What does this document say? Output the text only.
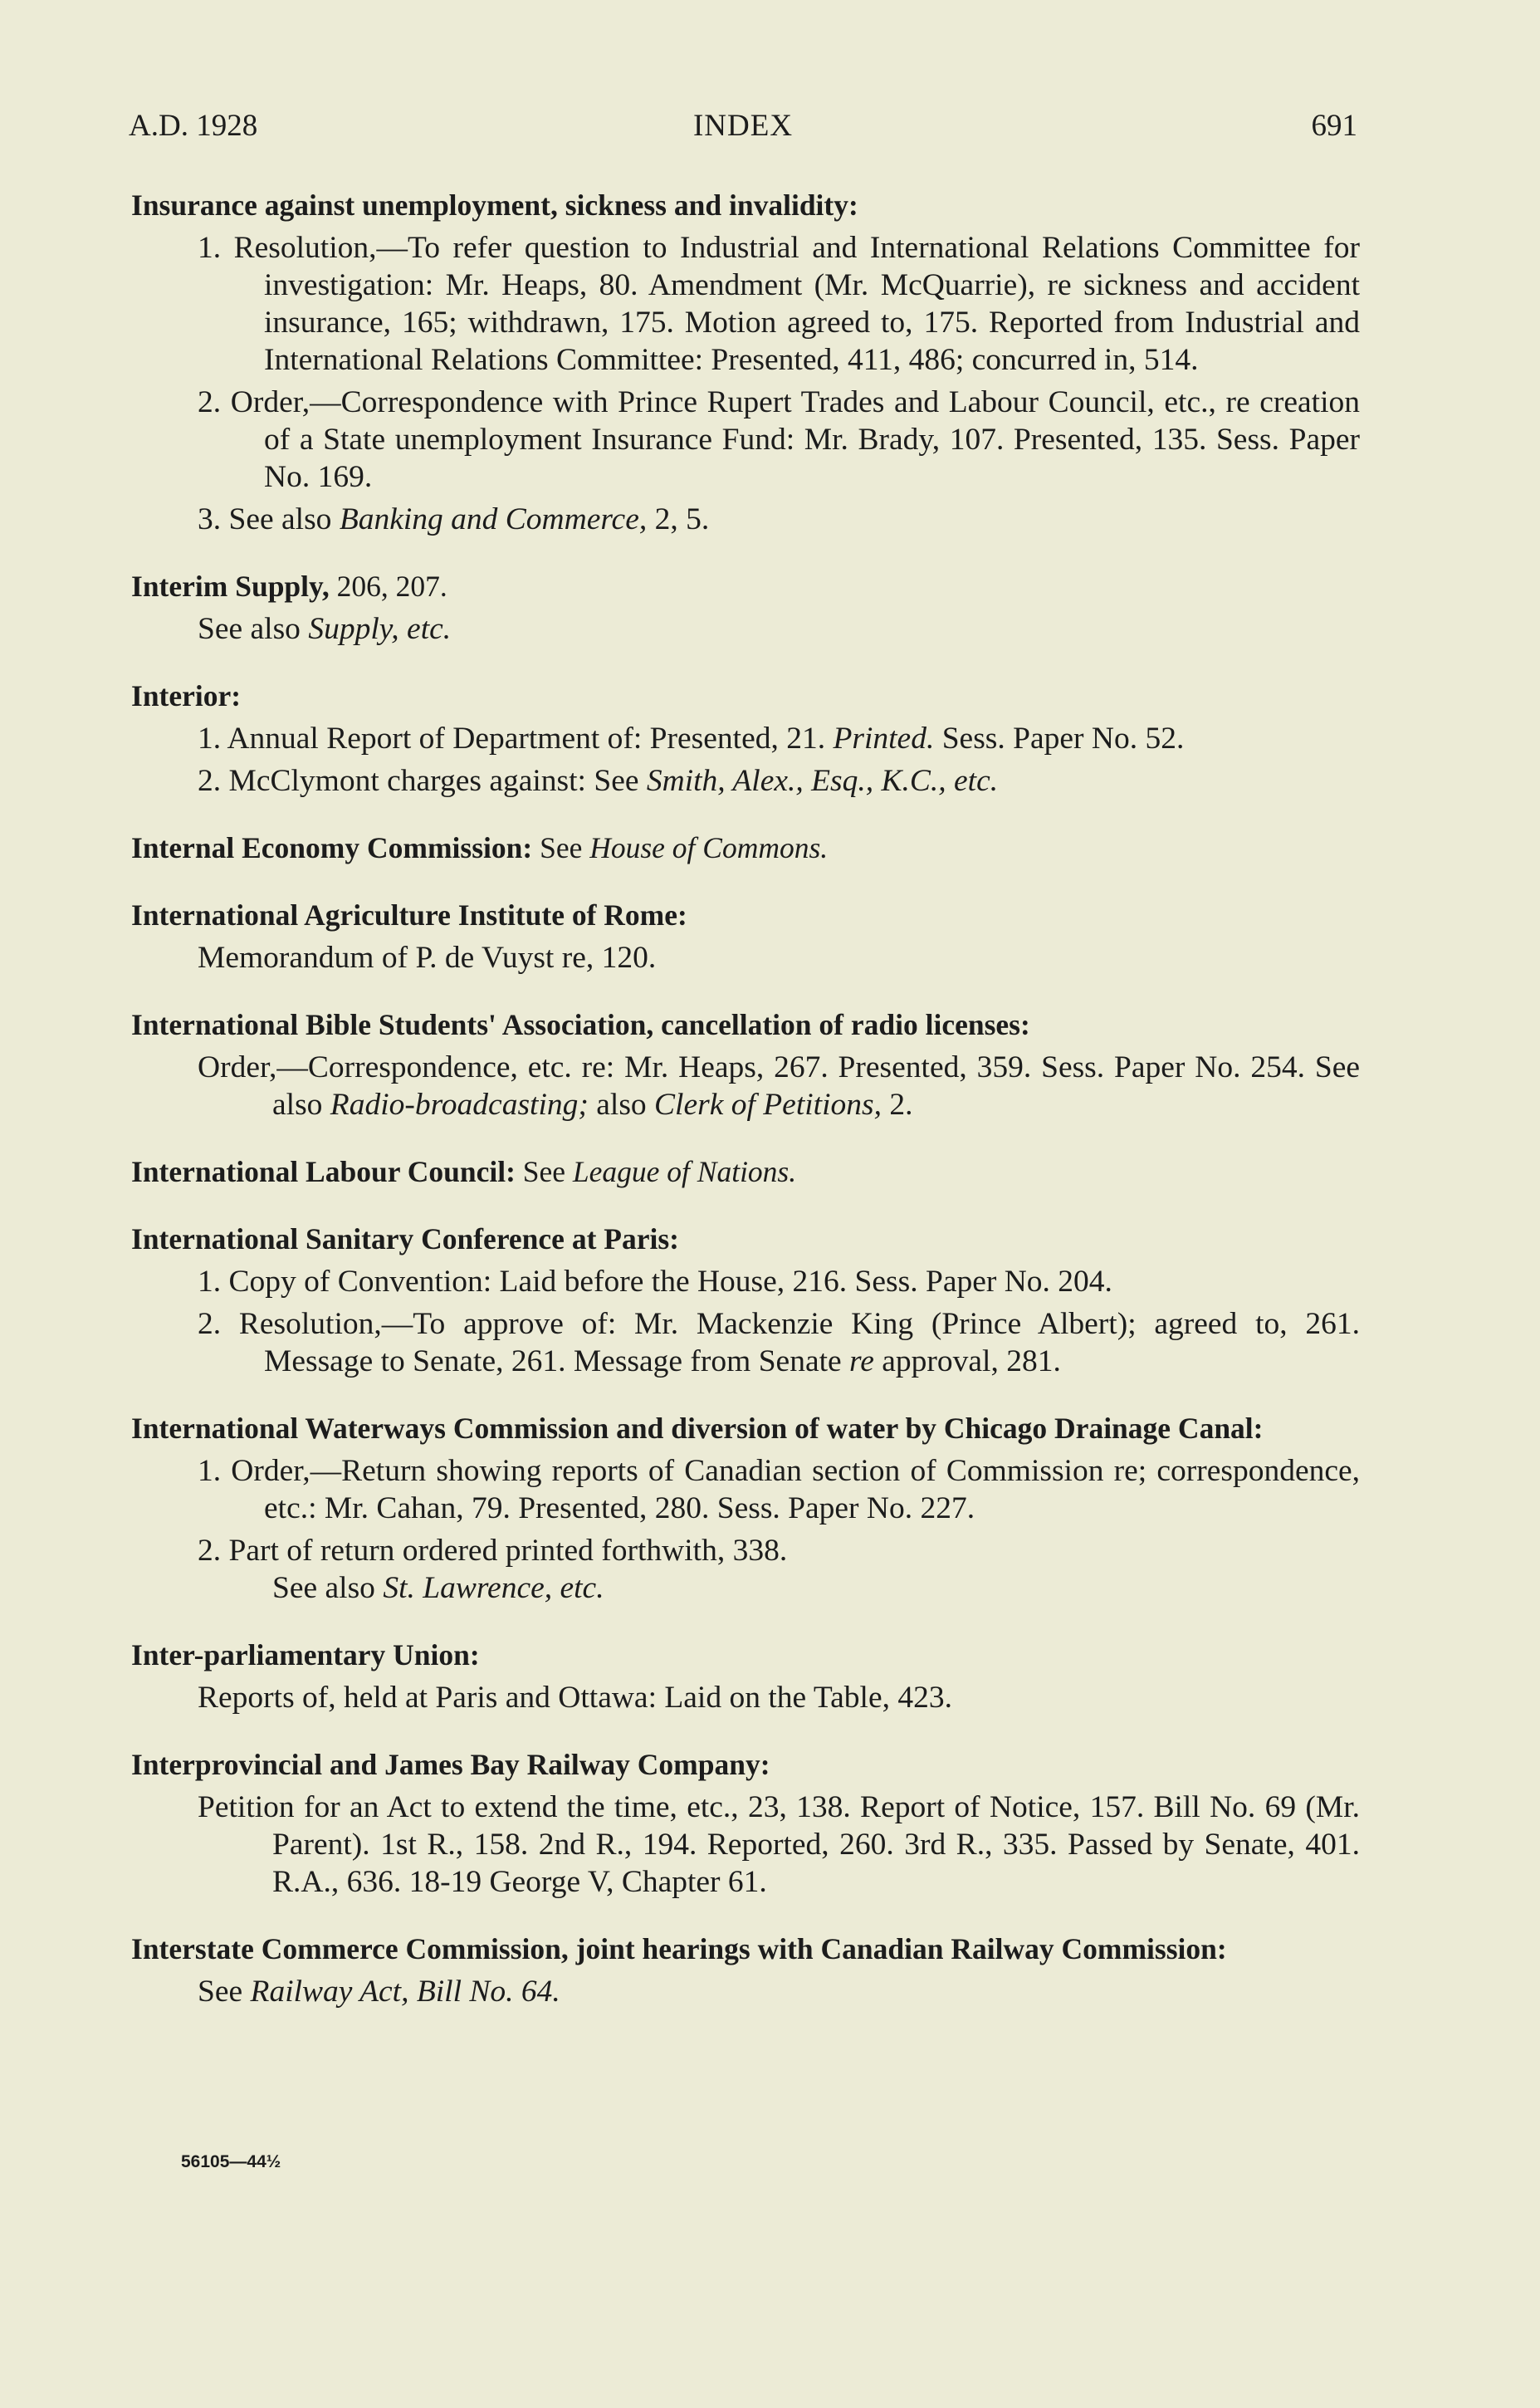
A.D. 1928	INDEX	691
Insurance against unemployment, sickness and invalidity:
1. Resolution,—To refer question to Industrial and International Relations Committee for investigation: Mr. Heaps, 80. Amendment (Mr. McQuarrie), re sickness and accident insurance, 165; withdrawn, 175. Motion agreed to, 175. Reported from Industrial and International Relations Committee: Presented, 411, 486; concurred in, 514.
2. Order,—Correspondence with Prince Rupert Trades and Labour Council, etc., re creation of a State unemployment Insurance Fund: Mr. Brady, 107. Presented, 135. Sess. Paper No. 169.
3. See also Banking and Commerce, 2, 5.
Interim Supply, 206, 207.
See also Supply, etc.
Interior:
1. Annual Report of Department of: Presented, 21. Printed. Sess. Paper No. 52.
2. McClymont charges against: See Smith, Alex., Esq., K.C., etc.
Internal Economy Commission: See House of Commons.
International Agriculture Institute of Rome:
Memorandum of P. de Vuyst re, 120.
International Bible Students' Association, cancellation of radio licenses:
Order,—Correspondence, etc. re: Mr. Heaps, 267. Presented, 359. Sess. Paper No. 254. See also Radio-broadcasting; also Clerk of Petitions, 2.
International Labour Council: See League of Nations.
International Sanitary Conference at Paris:
1. Copy of Convention: Laid before the House, 216. Sess. Paper No. 204.
2. Resolution,—To approve of: Mr. Mackenzie King (Prince Albert); agreed to, 261. Message to Senate, 261. Message from Senate re approval, 281.
International Waterways Commission and diversion of water by Chicago Drainage Canal:
1. Order,—Return showing reports of Canadian section of Commission re; correspondence, etc.: Mr. Cahan, 79. Presented, 280. Sess. Paper No. 227.
2. Part of return ordered printed forthwith, 338.
See also St. Lawrence, etc.
Inter-parliamentary Union:
Reports of, held at Paris and Ottawa: Laid on the Table, 423.
Interprovincial and James Bay Railway Company:
Petition for an Act to extend the time, etc., 23, 138. Report of Notice, 157. Bill No. 69 (Mr. Parent). 1st R., 158. 2nd R., 194. Reported, 260. 3rd R., 335. Passed by Senate, 401. R.A., 636. 18-19 George V, Chapter 61.
Interstate Commerce Commission, joint hearings with Canadian Railway Commission:
See Railway Act, Bill No. 64.
56105—44½
